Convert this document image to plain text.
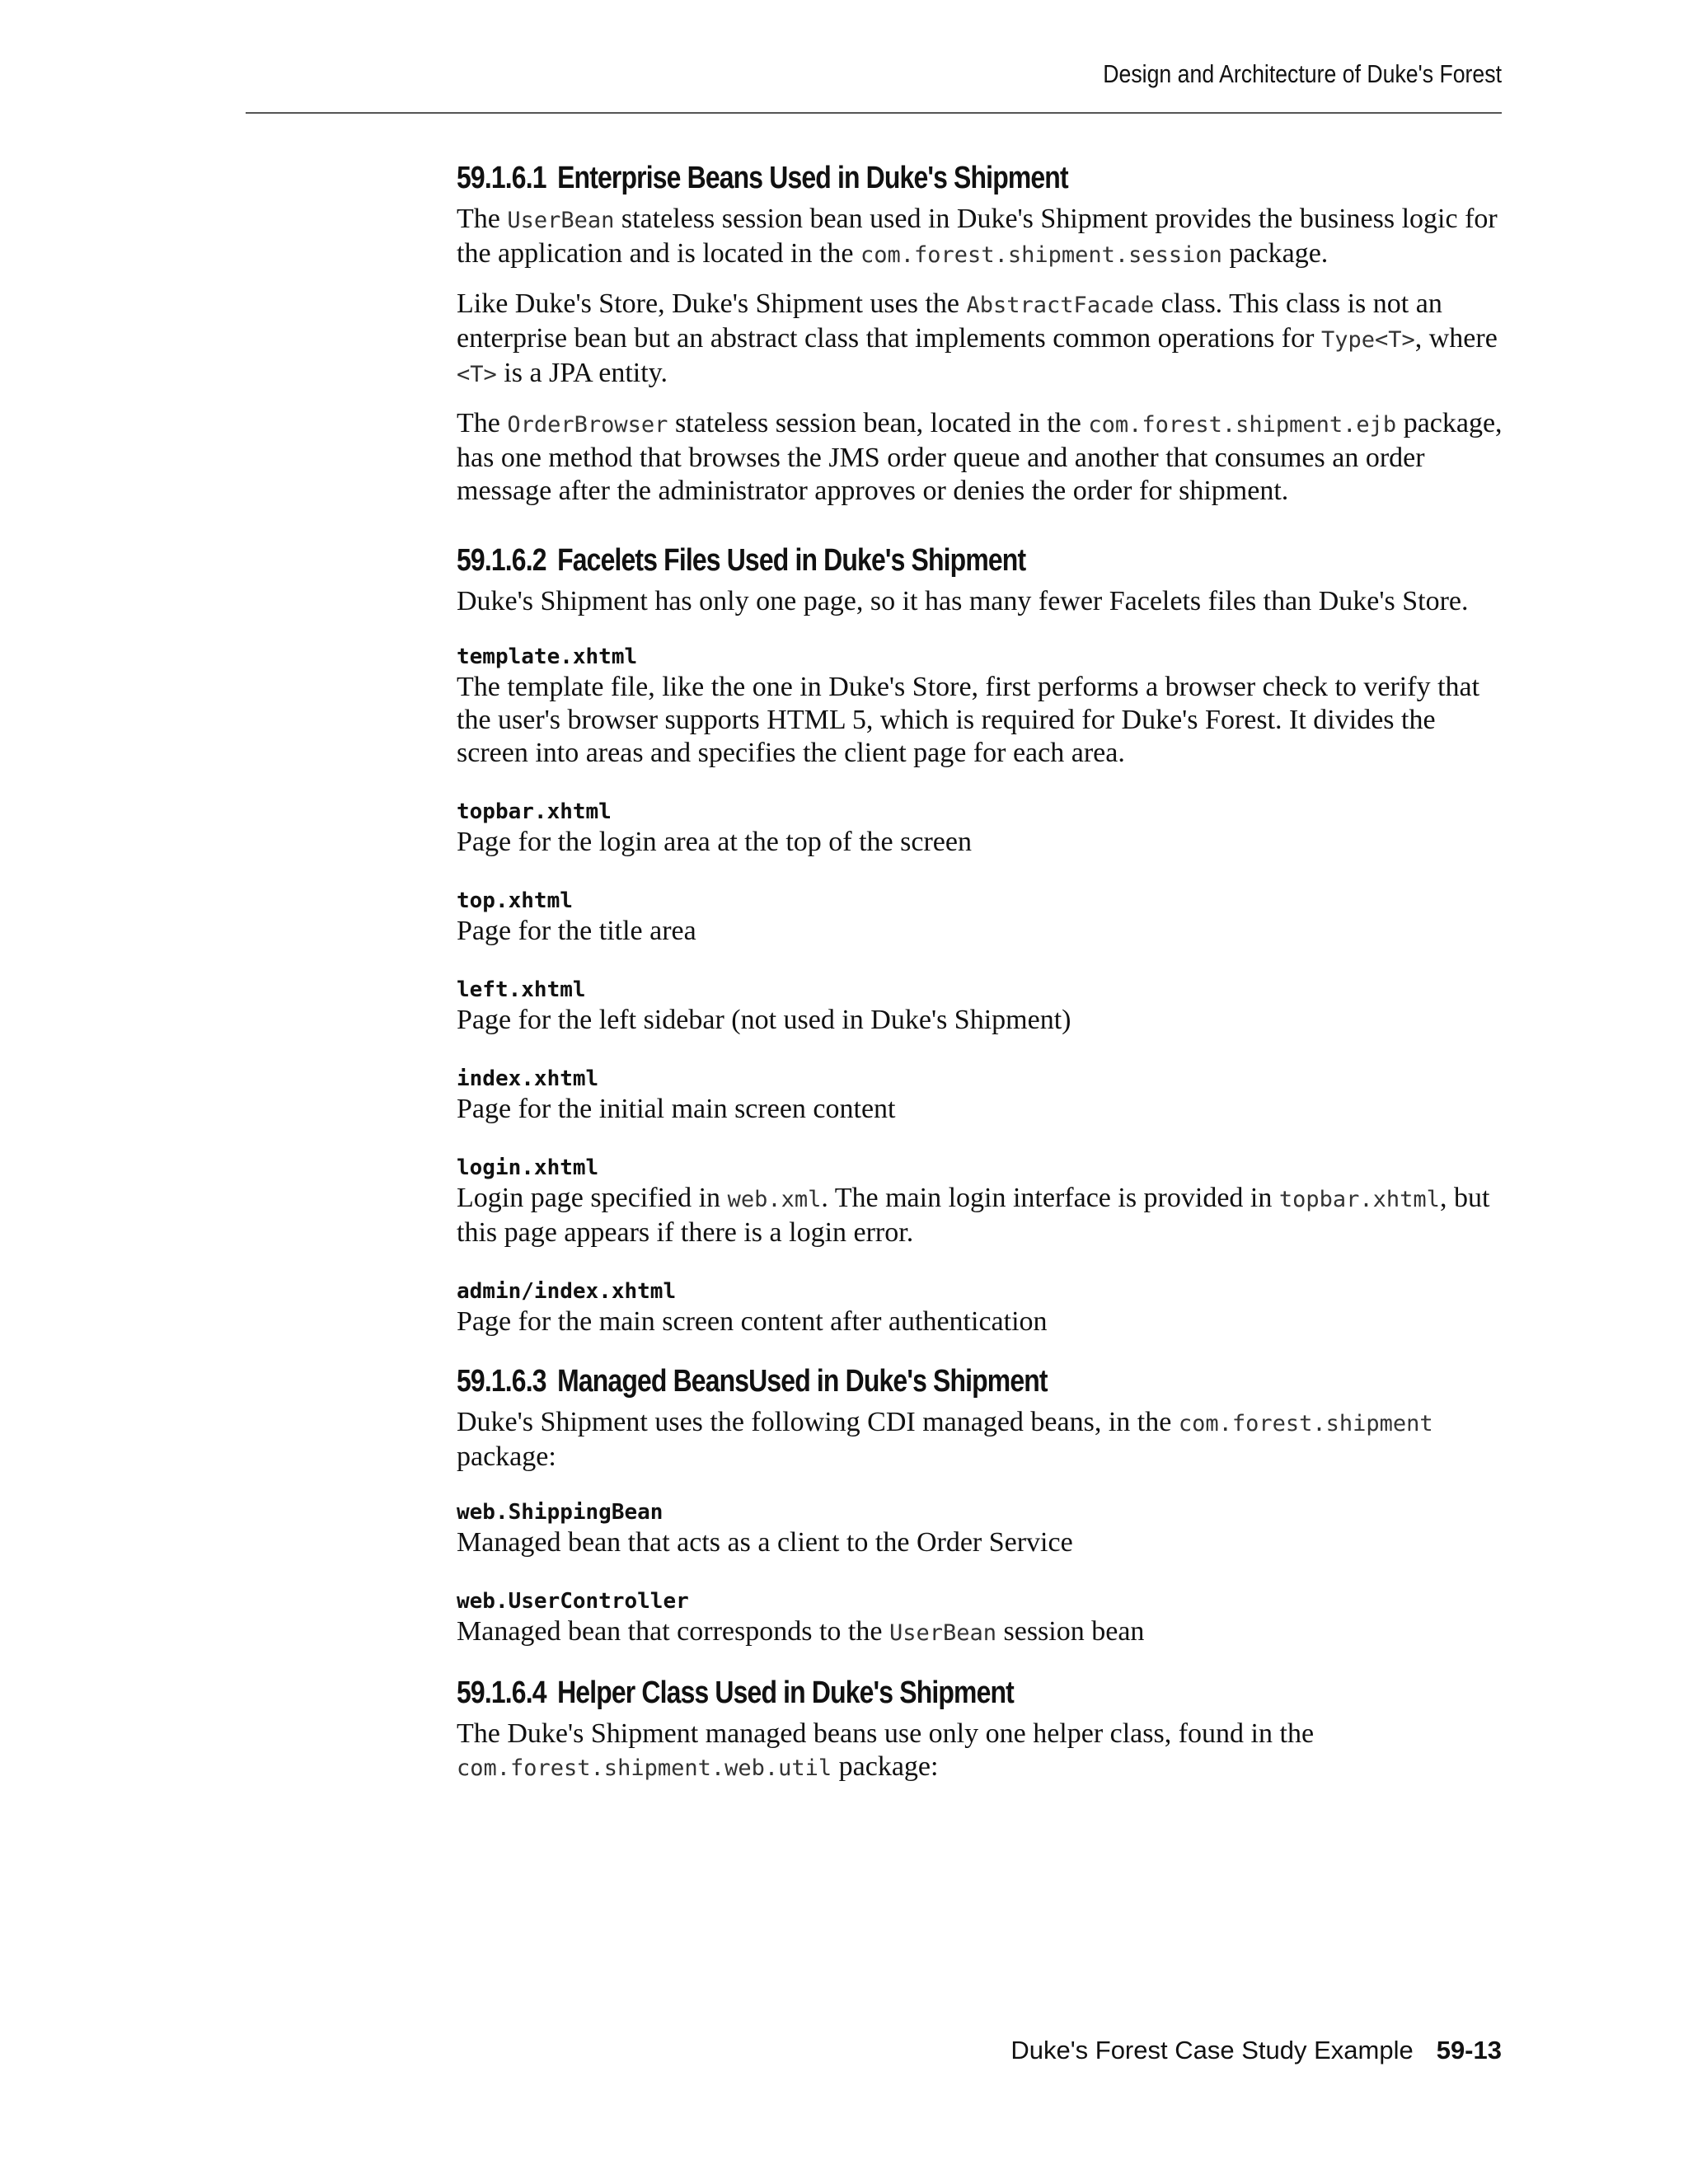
Design and Architecture of Duke's Forest
59.1.6.1 Enterprise Beans Used in Duke's Shipment

The UserBean stateless session bean used in Duke's Shipment provides the business logic for the application and is located in the com.forest.shipment.session package.

Like Duke's Store, Duke's Shipment uses the AbstractFacade class. This class is not an enterprise bean but an abstract class that implements common operations for Type<T>, where <T> is a JPA entity.

The OrderBrowser stateless session bean, located in the com.forest.shipment.ejb package, has one method that browses the JMS order queue and another that consumes an order message after the administrator approves or denies the order for shipment.

59.1.6.2 Facelets Files Used in Duke's Shipment

Duke's Shipment has only one page, so it has many fewer Facelets files than Duke's Store.

template.xhtml

The template file, like the one in Duke's Store, first performs a browser check to verify that the user's browser supports HTML 5, which is required for Duke's Forest. It divides the screen into areas and specifies the client page for each area.

topbar.xhtml

Page for the login area at the top of the screen

top.xhtml

Page for the title area

left.xhtml

Page for the left sidebar (not used in Duke's Shipment)

index.xhtml

Page for the initial main screen content

login.xhtml

Login page specified in web.xml. The main login interface is provided in topbar.xhtml, but this page appears if there is a login error.

admin/index.xhtml

Page for the main screen content after authentication

59.1.6.3 Managed BeansUsed in Duke's Shipment

Duke's Shipment uses the following CDI managed beans, in the com.forest.shipment package:

web.ShippingBean

Managed bean that acts as a client to the Order Service

web.UserController

Managed bean that corresponds to the UserBean session bean

59.1.6.4 Helper Class Used in Duke's Shipment

The Duke's Shipment managed beans use only one helper class, found in the com.forest.shipment.web.util package:

Duke's Forest Case Study Example 59-13
